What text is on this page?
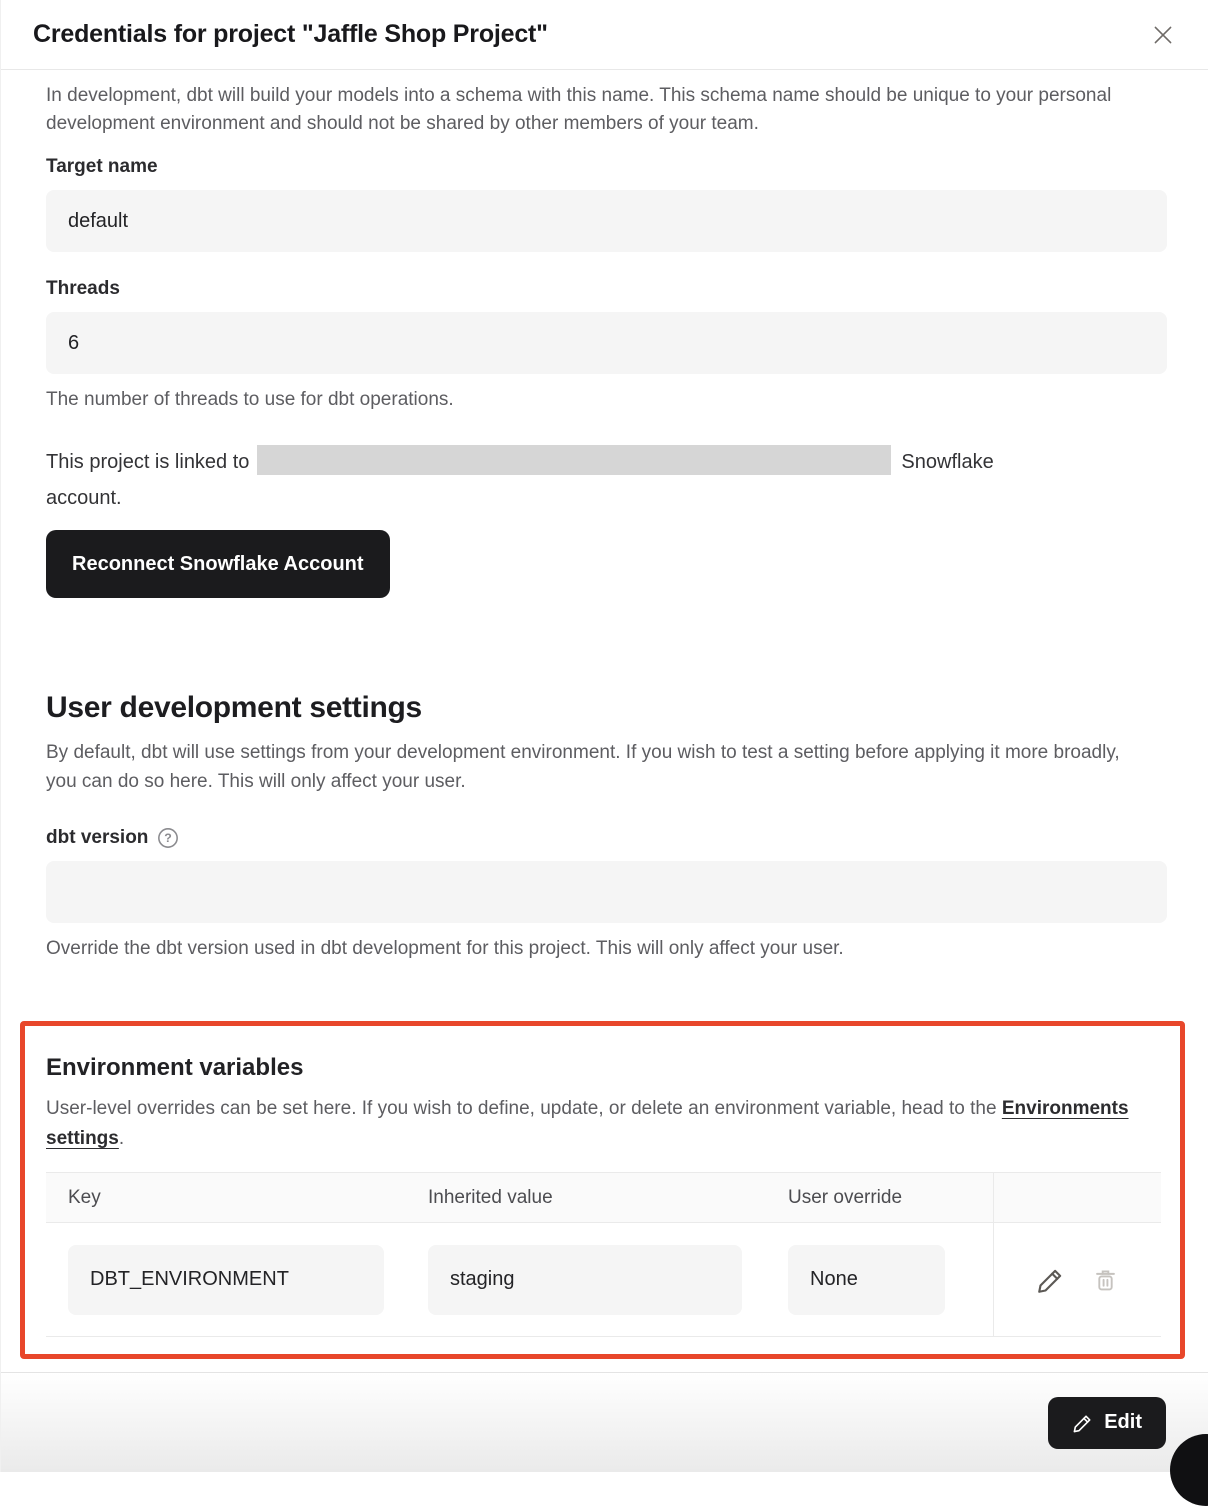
Credentials for project "Jaffle Shop Project"

In development, dbt will build your models into a schema with this name. This schema name should be unique to your personal development environment and should not be shared by other members of your team.

Target name
default
Threads
6

The number of threads to use for dbt operations.

This project is linked to	Snowflake
account.

Reconnect Snowflake Account
User development settings

By default, dbt will use settings from your development environment. If you wish to test a setting before applying it more broadly, you can do so here. This will only affect your user.

dbt version ?

Override the dbt version used in dbt development for this project. This will only affect your user.

Environment variables

User-level overrides can be set here. If you wish to define, update, or delete an environment variable, head to the Environments settings.

Key	Inherited value	User override
DBT_ENVIRONMENT	staging	None
Edit
